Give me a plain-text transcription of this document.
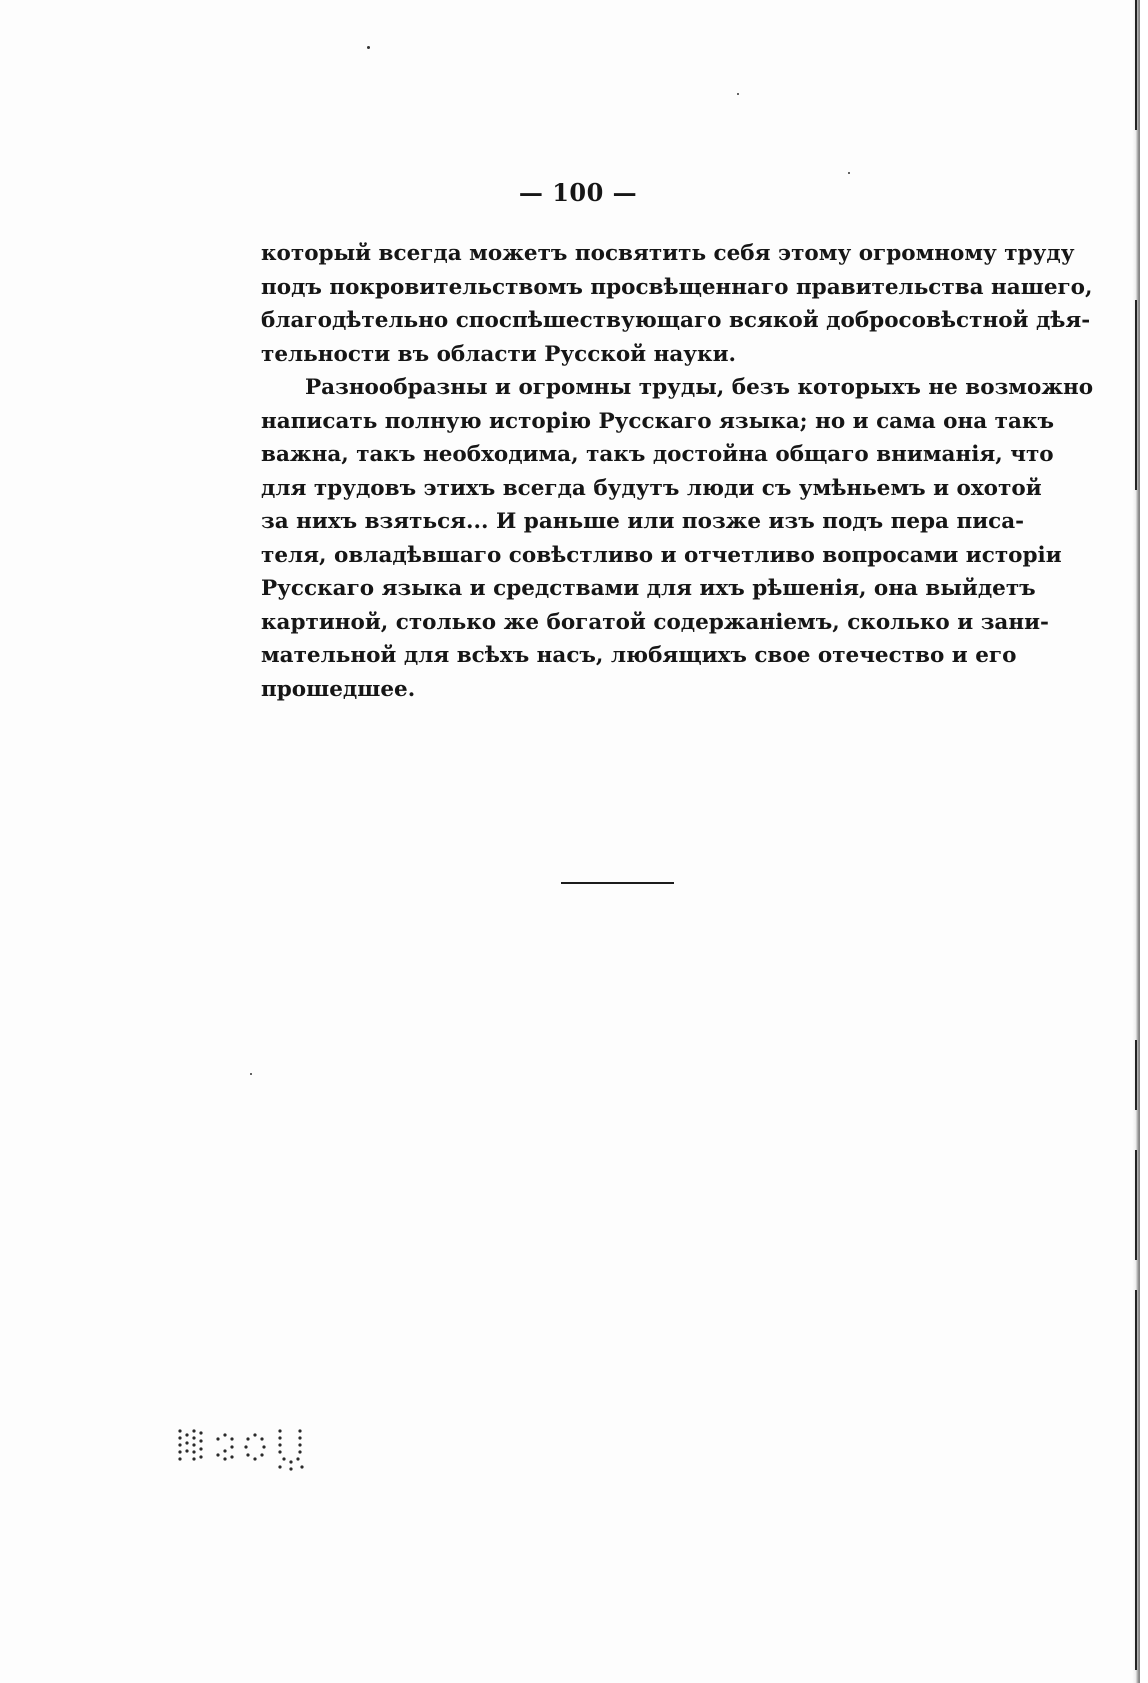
— 100 —
который всегда можетъ посвятить себя этому огромному труду
подъ покровительствомъ просвѣщеннаго правительства нашего,
благодѣтельно споспѣшествующаго всякой добросовѣстной дѣя-
тельности въ области Русской науки.
Разнообразны и огромны труды, безъ которыхъ не возможно
написать полную исторію Русскаго языка; но и сама она такъ
важна, такъ необходима, такъ достойна общаго вниманія, что
для трудовъ этихъ всегда будутъ люди съ умѣньемъ и охотой
за нихъ взяться... И раньше или позже изъ подъ пера писа-
теля, овладѣвшаго совѣстливо и отчетливо вопросами исторіи
Русскаго языка и средствами для ихъ рѣшенія, она выйдетъ
картиной, столько же богатой содержаніемъ, сколько и зани-
мательной для всѣхъ насъ, любящихъ свое отечество и его
прошедшее.
